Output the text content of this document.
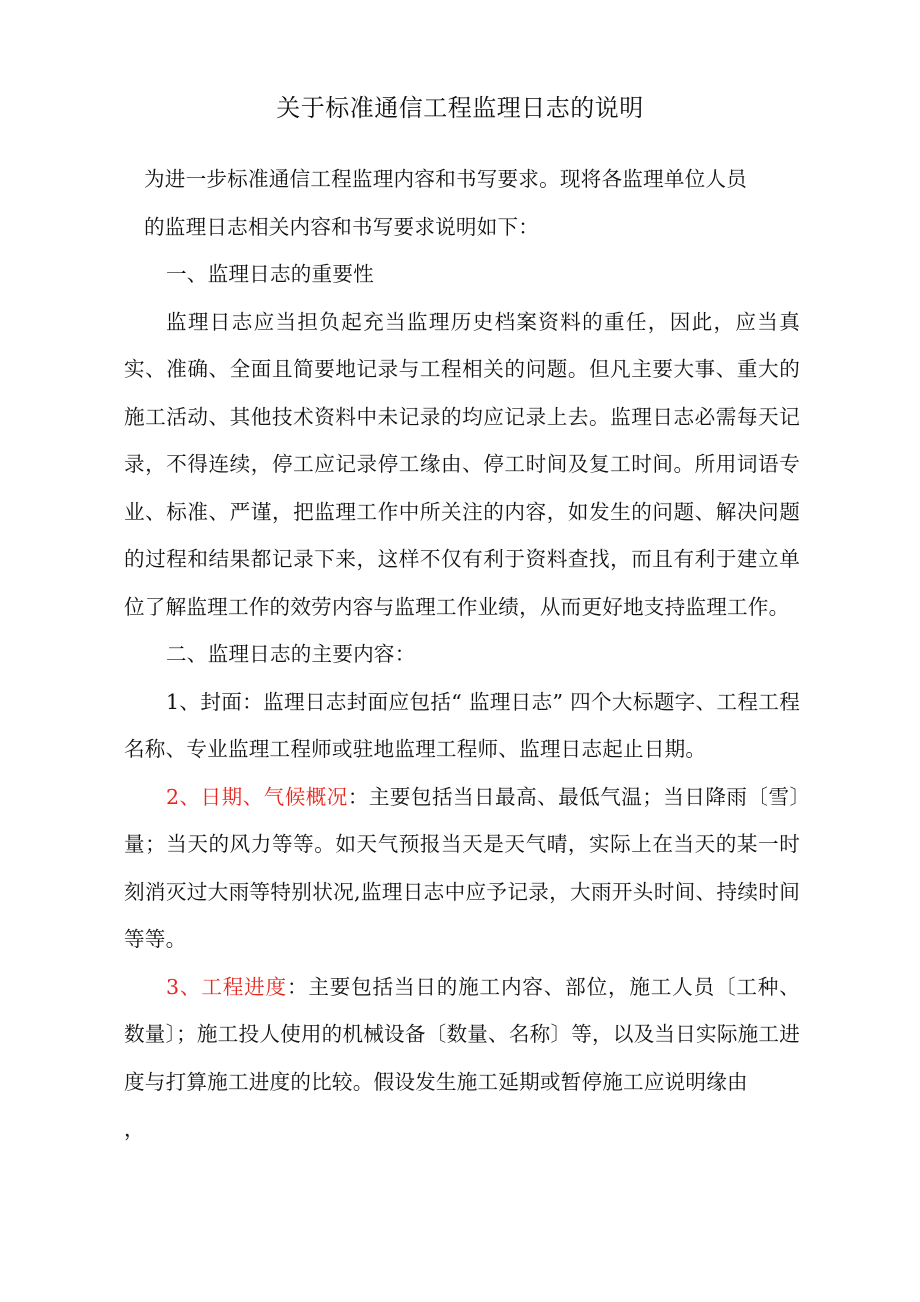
关于标准通信工程监理日志的说明

为进一步标准通信工程监理内容和书写要求。现将各监理单位人员
的监理日志相关内容和书写要求说明如下：

一、监理日志的重要性

监理日志应当担负起充当监理历史档案资料的重任，因此，应当真实、准确、全面且简要地记录与工程相关的问题。但凡主要大事、重大的施工活动、其他技术资料中未记录的均应记录上去。监理日志必需每天记录，不得连续，停工应记录停工缘由、停工时间及复工时间。所用词语专业、标准、严谨，把监理工作中所关注的内容，如发生的问题、解决问题的过程和结果都记录下来，这样不仅有利于资料查找，而且有利于建立单位了解监理工作的效劳内容与监理工作业绩，从而更好地支持监理工作。

二、监理日志的主要内容：

1、封面：监理日志封面应包括“ 监理日志” 四个大标题字、工程工程名称、专业监理工程师或驻地监理工程师、监理日志起止日期。

2、日期、气候概况：主要包括当日最高、最低气温；当日降雨〔雪〕量；当天的风力等等。如天气预报当天是天气晴，实际上在当天的某一时刻消灭过大雨等特别状况,监理日志中应予记录，大雨开头时间、持续时间等等。

3、工程进度：主要包括当日的施工内容、部位，施工人员〔工种、数量〕；施工投人使用的机械设备〔数量、名称〕等，以及当日实际施工进度与打算施工进度的比较。假设发生施工延期或暂停施工应说明缘由

，
